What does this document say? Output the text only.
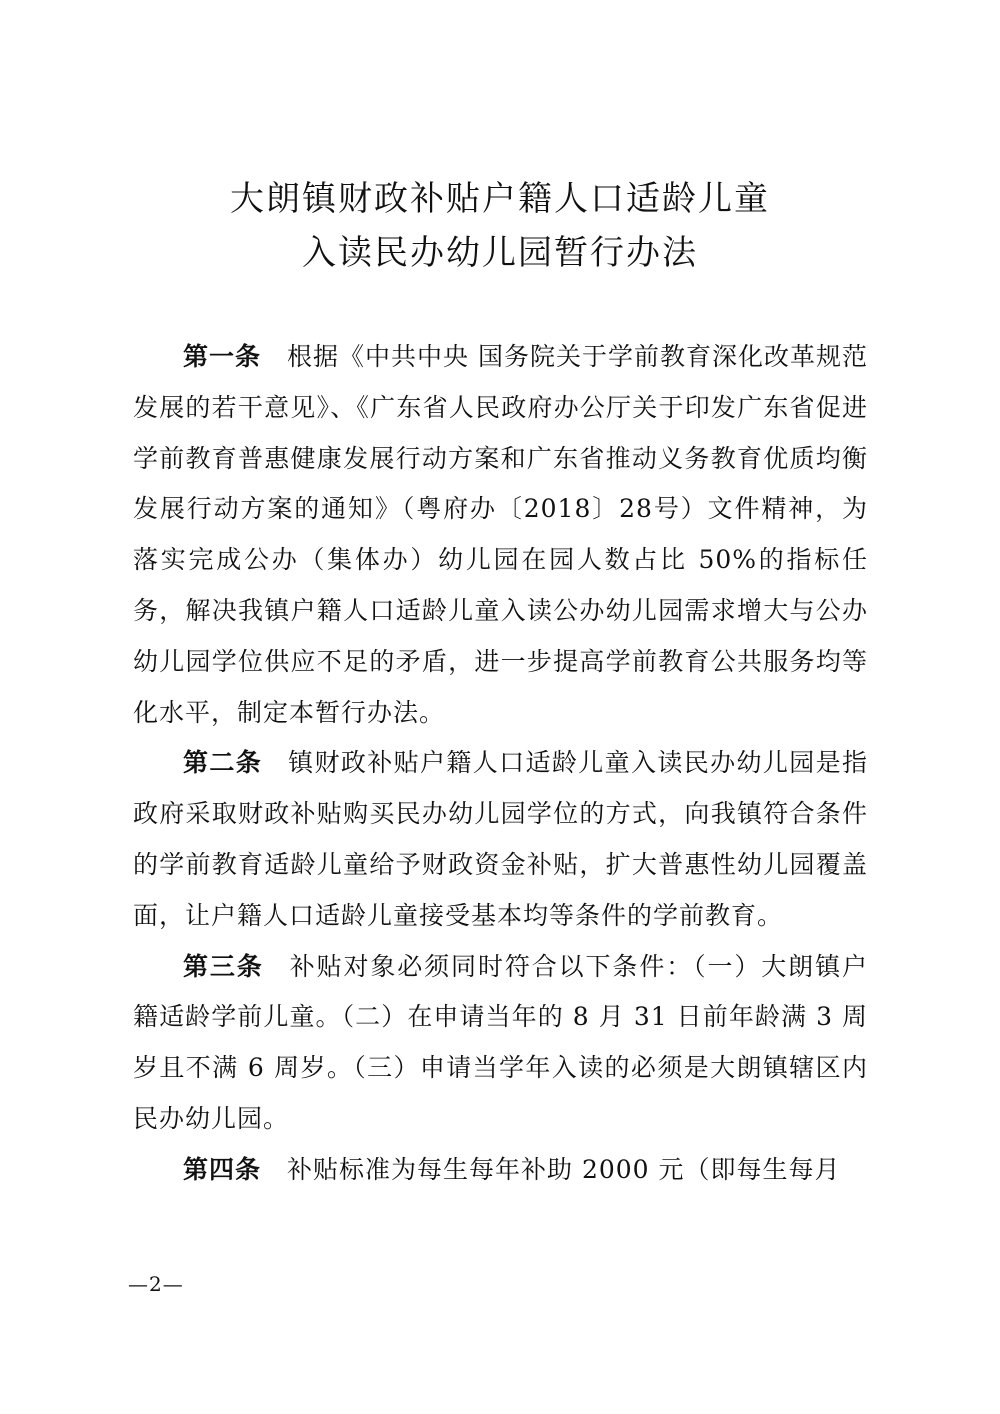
大朗镇财政补贴户籍人口适龄儿童
入读民办幼儿园暂行办法

第一条 根据《中共中央 国务院关于学前教育深化改革规范发展的若干意见》、《广东省人民政府办公厅关于印发广东省促进学前教育普惠健康发展行动方案和广东省推动义务教育优质均衡发展行动方案的通知》（粤府办〔2018〕28号）文件精神，为落实完成公办（集体办）幼儿园在园人数占比 50%的指标任务，解决我镇户籍人口适龄儿童入读公办幼儿园需求增大与公办幼儿园学位供应不足的矛盾，进一步提高学前教育公共服务均等化水平，制定本暂行办法。

第二条 镇财政补贴户籍人口适龄儿童入读民办幼儿园是指政府采取财政补贴购买民办幼儿园学位的方式，向我镇符合条件的学前教育适龄儿童给予财政资金补贴，扩大普惠性幼儿园覆盖面，让户籍人口适龄儿童接受基本均等条件的学前教育。

第三条 补贴对象必须同时符合以下条件：（一）大朗镇户籍适龄学前儿童。（二）在申请当年的 8 月 31 日前年龄满 3 周岁且不满 6 周岁。（三）申请当学年入读的必须是大朗镇辖区内民办幼儿园。

第四条 补贴标准为每生每年补助 2000 元（即每生每月

—2—
